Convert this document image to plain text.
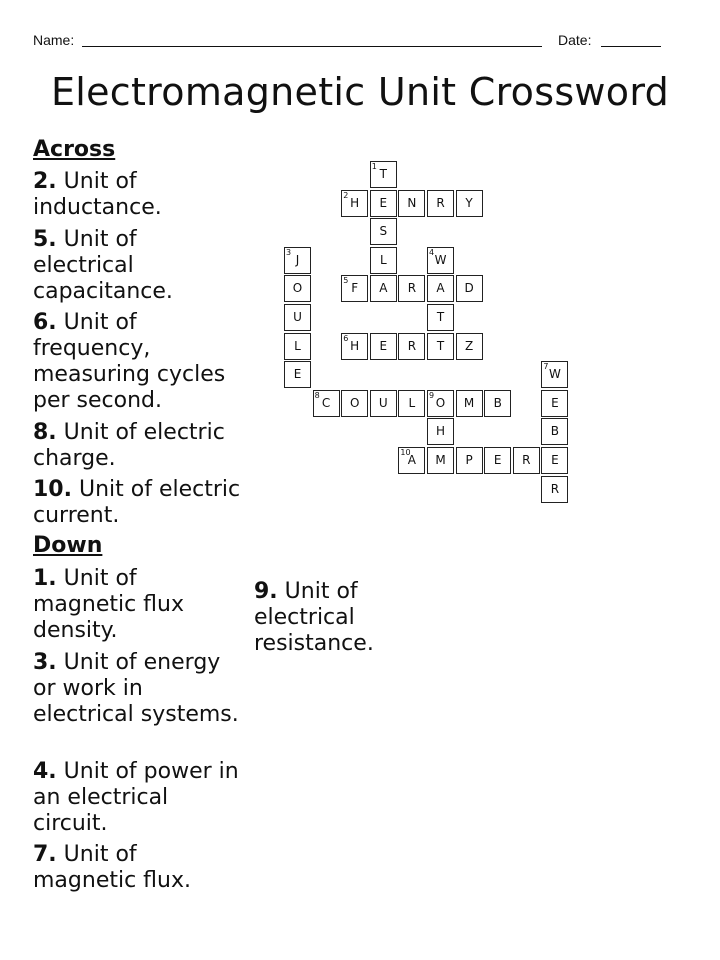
Name:	Date:
Electromagnetic Unit Crossword
Across

2. Unit of inductance.

5. Unit of electrical capacitance.

6. Unit of frequency, measuring cycles per second.

8. Unit of electric charge.

10. Unit of electric current.

Down

1. Unit of magnetic flux density.

3. Unit of energy or work in electrical systems.

4. Unit of power in an electrical circuit.

7. Unit of magnetic flux.

9. Unit of electrical resistance.

1
T
E
S
L
A
2
H	N	R	Y
3
J
O
U
L
E
4
W
A
T
T
5
F	R	D
6
H	E	R	Z
7
W
E
B
E
R
8
C	O	U	L
9
O	M	B
H
M
10
A	P	E	R
